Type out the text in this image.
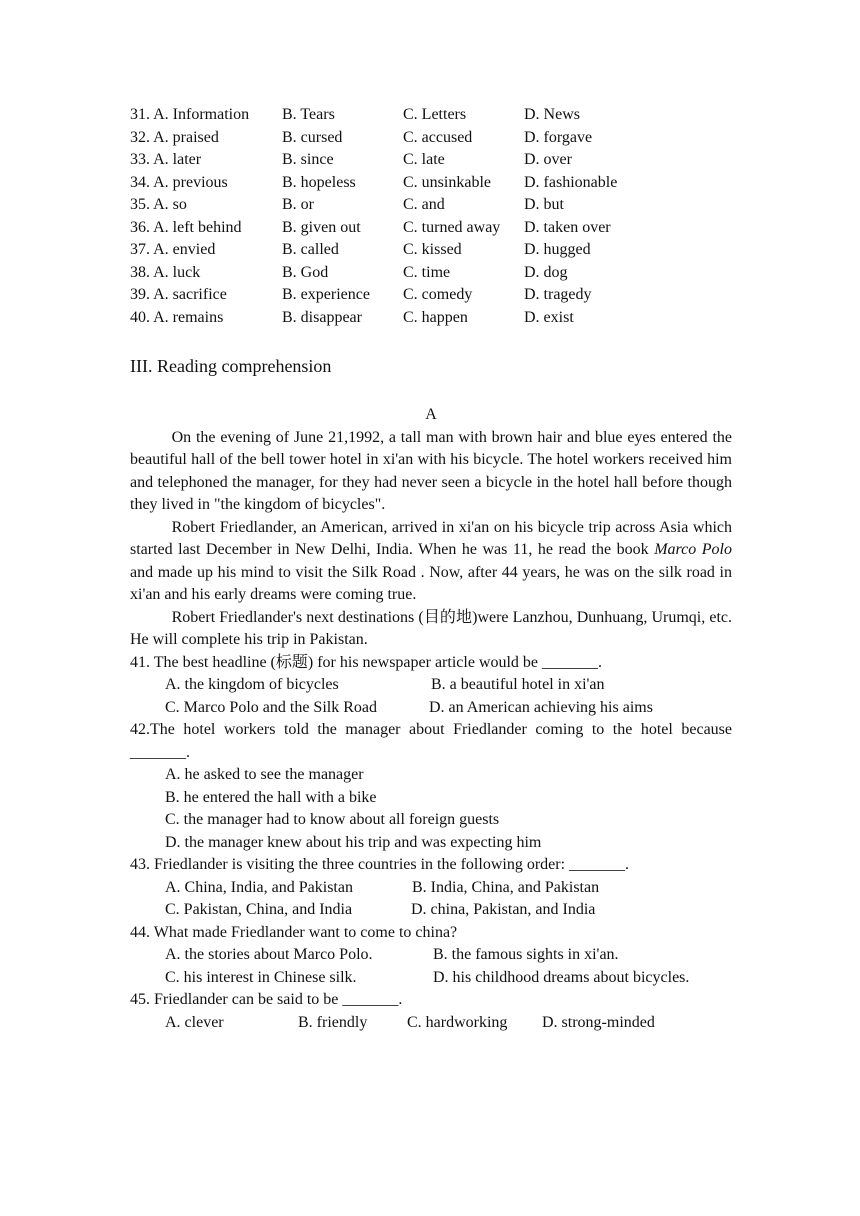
31. A. Information B. Tears	C. Letters	D. News
32. A. praised	B. cursed	C. accused	D. forgave
33. A. later	B. since	C. late	D. over
34. A. previous	B. hopeless	C. unsinkable D. fashionable
35. A. so	B. or	C. and	D. but
36. A. left behind	B. given out	C. turned away D. taken over
37. A. envied	B. called	C. kissed	D. hugged
38. A. luck	B. God	C. time	D. dog
39. A. sacrifice	B. experience C. comedy	D. tragedy
40. A. remains	B. disappear	C. happen	D. exist
III. Reading comprehension
A

On the evening of June 21,1992, a tall man with brown hair and blue eyes entered the beautiful hall of the bell tower hotel in xi'an with his bicycle. The hotel workers received him and telephoned the manager, for they had never seen a bicycle in the hotel hall before though they lived in "the kingdom of bicycles".

Robert Friedlander, an American, arrived in xi'an on his bicycle trip across Asia which started last December in New Delhi, India. When he was 11, he read the book Marco Polo and made up his mind to visit the Silk Road . Now, after 44 years, he was on the silk road in xi'an and his early dreams were coming true.

Robert Friedlander's next destinations (目的地)were Lanzhou, Dunhuang, Urumqi, etc. He will complete his trip in Pakistan.

41. The best headline (标题) for his newspaper article would be _______.

A. the kingdom of bicycles	B. a beautiful hotel in xi'an
C. Marco Polo and the Silk Road	D. an American achieving his aims

42.The hotel workers told the manager about Friedlander coming to the hotel because _______.

A. he asked to see the manager
B. he entered the hall with a bike
C. the manager had to know about all foreign guests
D. the manager knew about his trip and was expecting him

43. Friedlander is visiting the three countries in the following order: _______.

A. China, India, and Pakistan	B. India, China, and Pakistan
C. Pakistan, China, and India	D. china, Pakistan, and India

44. What made Friedlander want to come to china?

A. the stories about Marco Polo.	B. the famous sights in xi'an.
C. his interest in Chinese silk.	D. his childhood dreams about bicycles.

45. Friedlander can be said to be _______.

A. clever	B. friendly C. hardworking D. strong-minded
